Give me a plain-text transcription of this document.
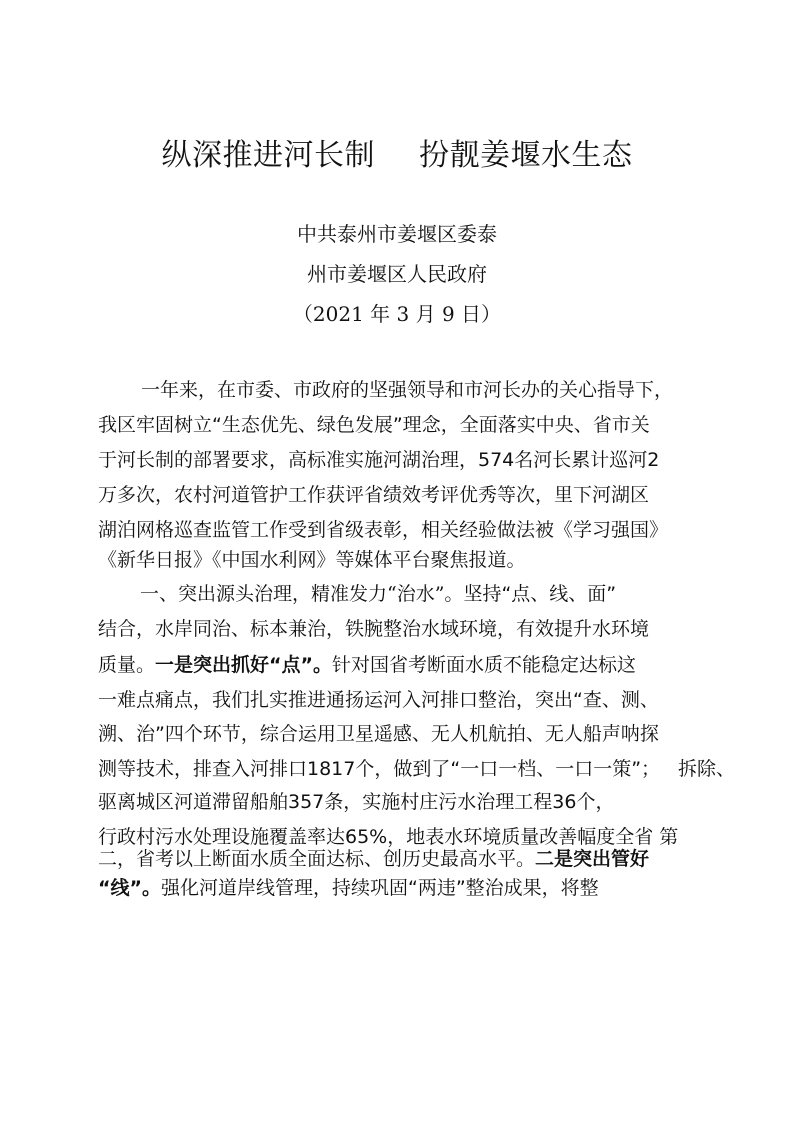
纵深推进河长制 扮靓姜堰水生态
中共泰州市姜堰区委泰
州市姜堰区人民政府
（2021 年 3 月 9 日）
一年来，在市委、市政府的坚强领导和市河长办的关心指导下，
我区牢固树立“生态优先、绿色发展”理念，全面落实中央、省市关
于河长制的部署要求，高标准实施河湖治理，574名河长累计巡河2
万多次，农村河道管护工作获评省绩效考评优秀等次，里下河湖区
湖泊网格巡查监管工作受到省级表彰，相关经验做法被《学习强国》
《新华日报》《中国水利网》等媒体平台聚焦报道。
一、突出源头治理，精准发力“治水”。坚持“点、线、面”
结合，水岸同治、标本兼治，铁腕整治水域环境，有效提升水环境
质量。一是突出抓好“点”。针对国省考断面水质不能稳定达标这
一难点痛点，我们扎实推进通扬运河入河排口整治，突出“查、测、
溯、治”四个环节，综合运用卫星遥感、无人机航拍、无人船声呐探
测等技术，排查入河排口1817个，做到了“一口一档、一口一策”； 拆除、
驱离城区河道滞留船舶357条，实施村庄污水治理工程36个，
行政村污水处理设施覆盖率达65%，地表水环境质量改善幅度全省 第
二，省考以上断面水质全面达标、创历史最高水平。二是突出管好
“线”。强化河道岸线管理，持续巩固“两违”整治成果，将整
